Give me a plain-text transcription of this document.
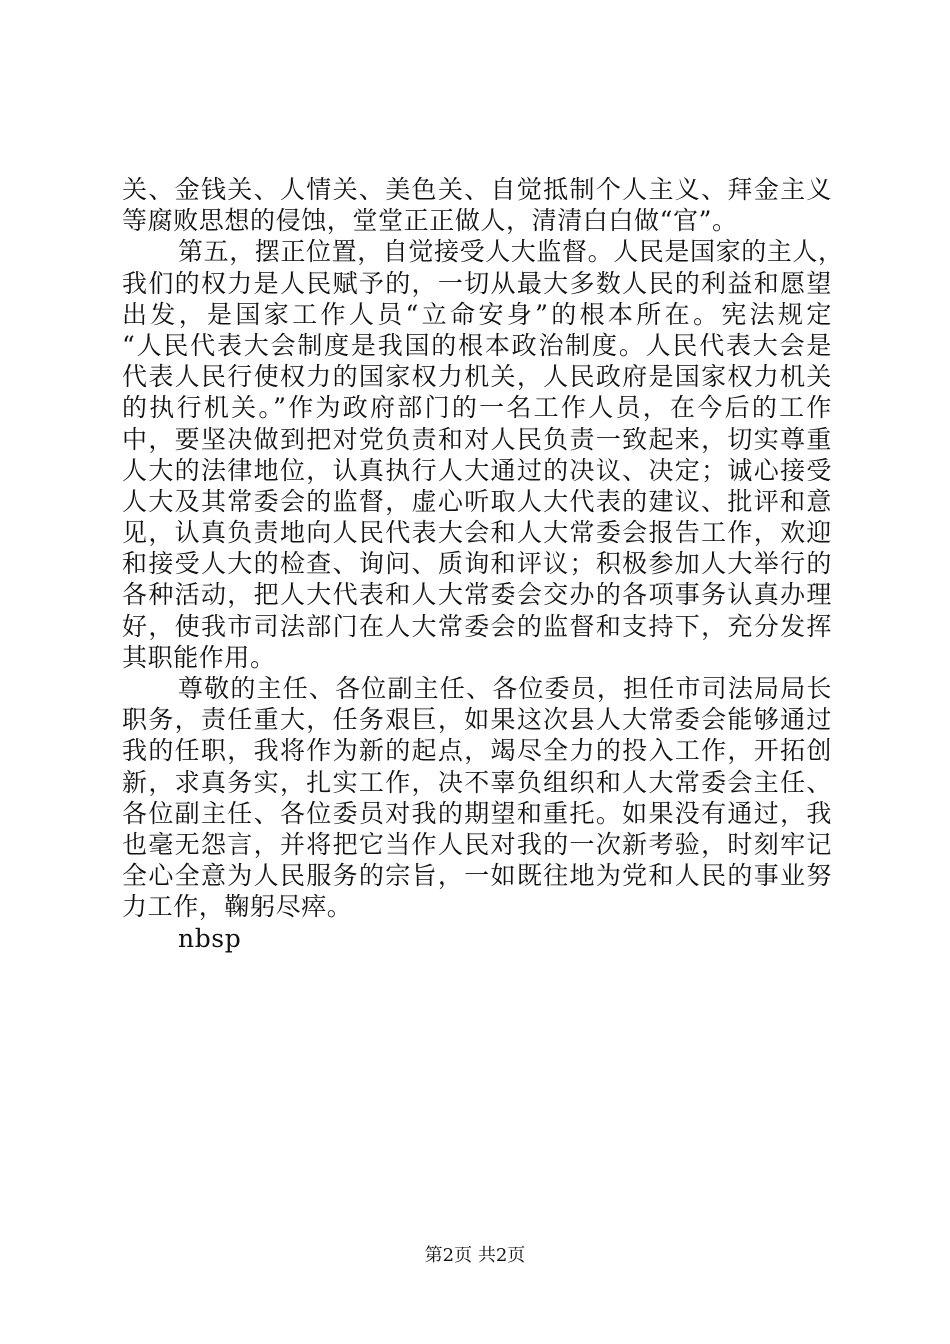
关、金钱关、人情关、美色关、自觉抵制个人主义、拜金主义
等腐败思想的侵蚀，堂堂正正做人，清清白白做“官”。
第五，摆正位置，自觉接受人大监督。人民是国家的主人，
我们的权力是人民赋予的，一切从最大多数人民的利益和愿望
出发，是国家工作人员“立命安身”的根本所在。宪法规定
“人民代表大会制度是我国的根本政治制度。人民代表大会是
代表人民行使权力的国家权力机关，人民政府是国家权力机关
的执行机关。”作为政府部门的一名工作人员，在今后的工作
中，要坚决做到把对党负责和对人民负责一致起来，切实尊重
人大的法律地位，认真执行人大通过的决议、决定；诚心接受
人大及其常委会的监督，虚心听取人大代表的建议、批评和意
见，认真负责地向人民代表大会和人大常委会报告工作，欢迎
和接受人大的检查、询问、质询和评议；积极参加人大举行的
各种活动，把人大代表和人大常委会交办的各项事务认真办理
好，使我市司法部门在人大常委会的监督和支持下，充分发挥
其职能作用。
尊敬的主任、各位副主任、各位委员，担任市司法局局长
职务，责任重大，任务艰巨，如果这次县人大常委会能够通过
我的任职，我将作为新的起点，竭尽全力的投入工作，开拓创
新，求真务实，扎实工作，决不辜负组织和人大常委会主任、
各位副主任、各位委员对我的期望和重托。如果没有通过，我
也毫无怨言，并将把它当作人民对我的一次新考验，时刻牢记
全心全意为人民服务的宗旨，一如既往地为党和人民的事业努
力工作，鞠躬尽瘁。
nbsp
第2页 共2页
